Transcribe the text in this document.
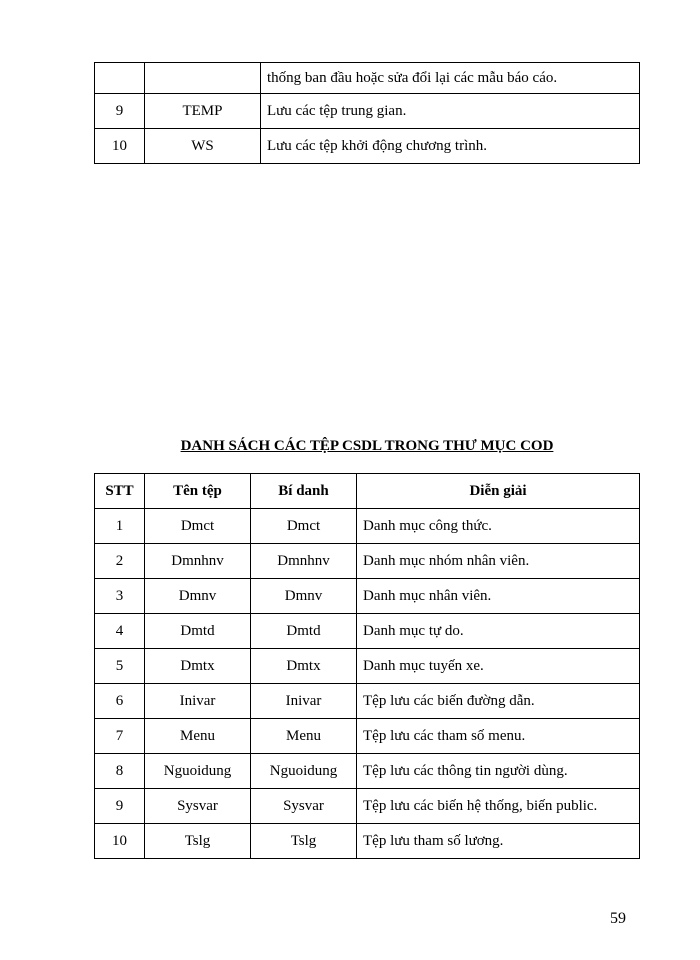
		thống ban đầu hoặc sửa đổi lại các mẫu báo cáo.
9	TEMP	Lưu các tệp trung gian.
10	WS	Lưu các tệp khởi động chương trình.
DANH SÁCH CÁC TỆP CSDL TRONG THƯ MỤC COD
STT	Tên tệp	Bí danh	Diễn giải
1	Dmct	Dmct	Danh mục công thức.
2	Dmnhnv	Dmnhnv	Danh mục nhóm nhân viên.
3	Dmnv	Dmnv	Danh mục nhân viên.
4	Dmtd	Dmtd	Danh mục tự do.
5	Dmtx	Dmtx	Danh mục tuyến xe.
6	Inivar	Inivar	Tệp lưu các biến đường dẫn.
7	Menu	Menu	Tệp lưu các tham số menu.
8	Nguoidung	Nguoidung	Tệp lưu các thông tin người dùng.
9	Sysvar	Sysvar	Tệp lưu các biến hệ thống, biến public.
10	Tslg	Tslg	Tệp lưu tham số lương.
59
